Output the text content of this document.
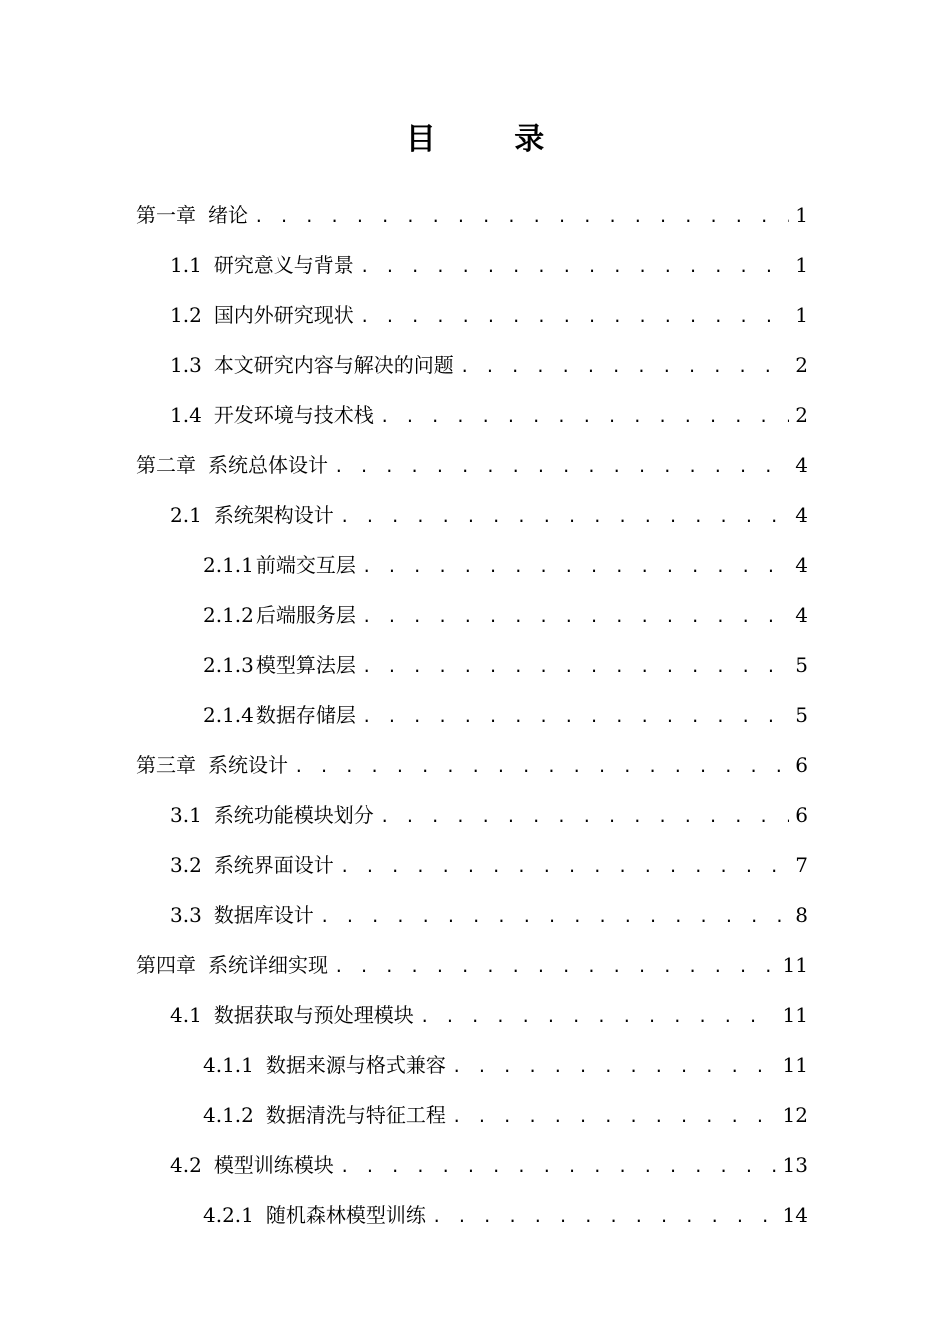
目 录
第一章 绪论 . . .	1
1.1 研究意义与背景 . . .	1
1.2 国内外研究现状 . . .	1
1.3 本文研究内容与解决的问题 . . .	2
1.4 开发环境与技术栈 . . .	2
第二章 系统总体设计 . . .	4
2.1 系统架构设计 . . .	4
2.1.1 前端交互层 . . .	4
2.1.2 后端服务层 . . .	4
2.1.3 模型算法层 . . .	5
2.1.4 数据存储层 . . .	5
第三章 系统设计 . . .	6
3.1 系统功能模块划分 . . .	6
3.2 系统界面设计 . . .	7
3.3 数据库设计 . . .	8
第四章 系统详细实现 . . .	11
4.1 数据获取与预处理模块 . . .	11
4.1.1 数据来源与格式兼容 . . .	11
4.1.2 数据清洗与特征工程 . . .	12
4.2 模型训练模块 . . .	13
4.2.1 随机森林模型训练 . . .	14
